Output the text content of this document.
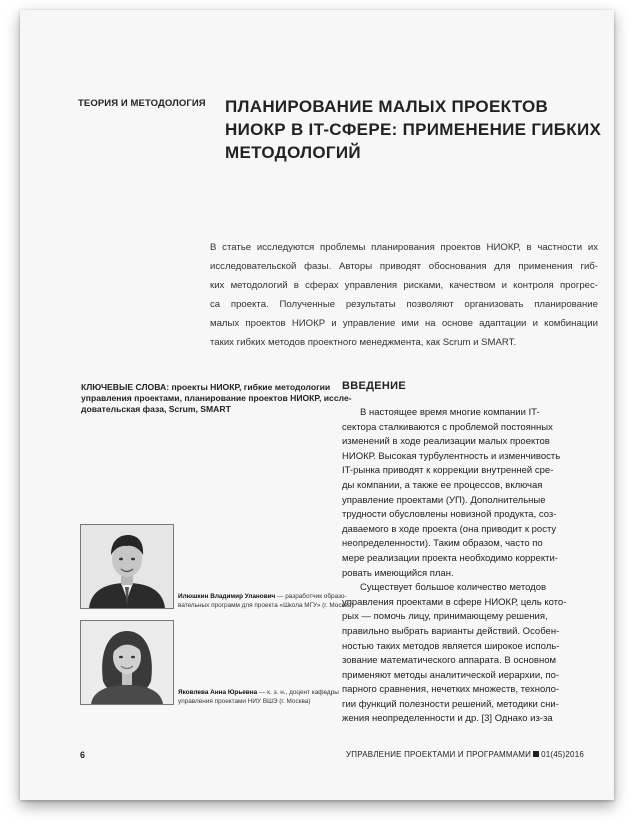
ТЕОРИЯ И МЕТОДОЛОГИЯ ПЛАНИРОВАНИЕ МАЛЫХ ПРОЕКТОВ
НИОКР В IT-СФЕРЕ: ПРИМЕНЕНИЕ ГИБКИХ
МЕТОДОЛОГИЙ
В статье исследуются проблемы планирования проектов НИОКР, в частности их
исследовательской фазы. Авторы приводят обоснования для применения гиб-
ких методологий в сферах управления рисками, качеством и контроля прогрес-
са проекта. Полученные результаты позволяют организовать планирование
малых проектов НИОКР и управление ими на основе адаптации и комбинации
таких гибких методов проектного менеджмента, как Scrum и SMART.
КЛЮЧЕВЫЕ СЛОВА: проекты НИОКР, гибкие методологии
управления проектами, планирование проектов НИОКР, иссле-
довательская фаза, Scrum, SMART
ВВЕДЕНИЕ
В настоящее время многие компании IT-
сектора сталкиваются с проблемой постоянных
изменений в ходе реализации малых проектов
НИОКР. Высокая турбулентность и изменчивость
IT-рынка приводят к коррекции внутренней сре-
ды компании, а также ее процессов, включая
управление проектами (УП). Дополнительные
трудности обусловлены новизной продукта, соз-
даваемого в ходе проекта (она приводит к росту
неопределенности). Таким образом, часто по
мере реализации проекта необходимо корректи-
ровать имеющийся план.
Существует большое количество методов
управления проектами в сфере НИОКР, цель кото-
рых — помочь лицу, принимающему решения,
правильно выбрать варианты действий. Особен-
ностью таких методов является широкое исполь-
зование математического аппарата. В основном
применяют методы аналитической иерархии, по-
парного сравнения, нечетких множеств, техноло-
гии функций полезности решений, методики сни-
жения неопределенности и др. [3] Однако из-за
Илюшкин Владимир Уланович — разработчик образо-
вательных программ для проекта «Школа МГУ» (г. Москва)
Яковлева Анна Юрьевна — к. э. н., доцент кафедры
управления проектами НИУ ВШЭ (г. Москва)
6	УПРАВЛЕНИЕ ПРОЕКТАМИ И ПРОГРАММАМИ 01(45)2016
